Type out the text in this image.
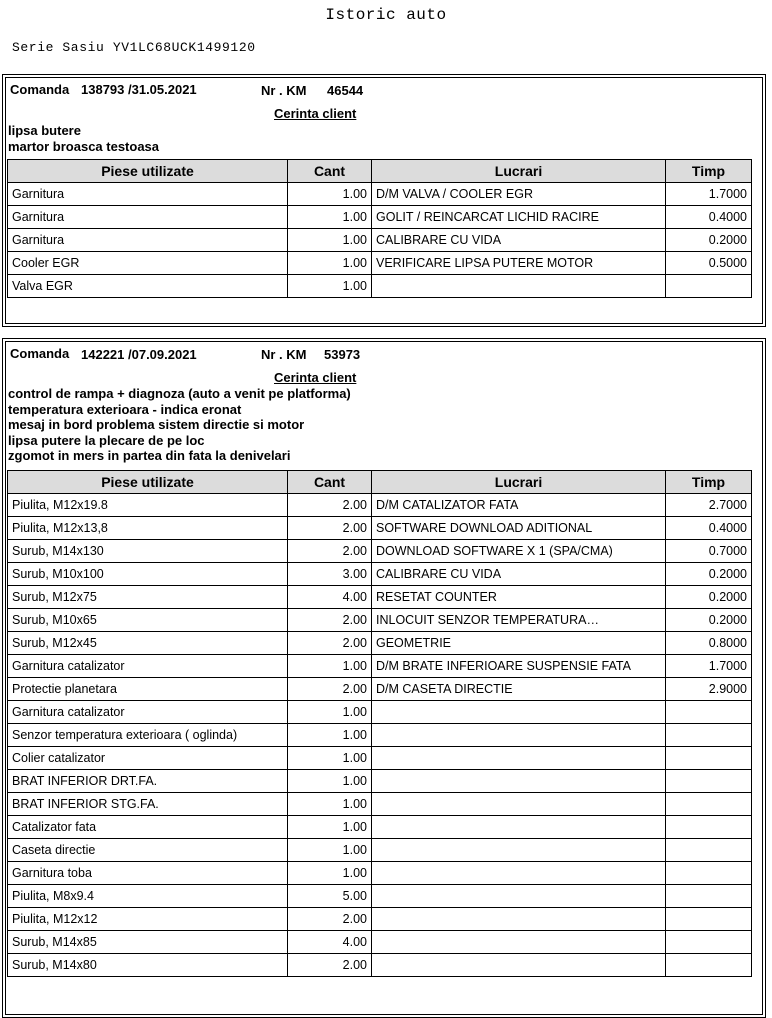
Istoric auto
Serie Sasiu YV1LC68UCK1499120
Comanda 138793 /31.05.2021	Nr . KM 46544
Cerinta client
lipsa butere
martor broasca testoasa
Piese utilizate	Cant	Lucrari	Timp
Garnitura	1.00	D/M VALVA / COOLER EGR	1.7000
Garnitura	1.00	GOLIT / REINCARCAT LICHID RACIRE	0.4000
Garnitura	1.00	CALIBRARE CU VIDA	0.2000
Cooler EGR	1.00	VERIFICARE LIPSA PUTERE MOTOR	0.5000
Valva EGR	1.00		
Comanda 142221 /07.09.2021	Nr . KM 53973
Cerinta client
control de rampa + diagnoza (auto a venit pe platforma)
temperatura exterioara - indica eronat
mesaj in bord problema sistem directie si motor
lipsa putere la plecare de pe loc
zgomot in mers in partea din fata la denivelari
Piese utilizate	Cant	Lucrari	Timp
Piulita, M12x19.8	2.00	D/M CATALIZATOR FATA	2.7000
Piulita, M12x13,8	2.00	SOFTWARE DOWNLOAD ADITIONAL	0.4000
Surub, M14x130	2.00	DOWNLOAD SOFTWARE X 1 (SPA/CMA)	0.7000
Surub, M10x100	3.00	CALIBRARE CU VIDA	0.2000
Surub, M12x75	4.00	RESETAT COUNTER	0.2000
Surub, M10x65	2.00	INLOCUIT SENZOR TEMPERATURA…	0.2000
Surub, M12x45	2.00	GEOMETRIE	0.8000
Garnitura catalizator	1.00	D/M BRATE INFERIOARE SUSPENSIE FATA	1.7000
Protectie planetara	2.00	D/M CASETA DIRECTIE	2.9000
Garnitura catalizator	1.00		
Senzor temperatura exterioara ( oglinda)	1.00		
Colier catalizator	1.00		
BRAT INFERIOR DRT.FA.	1.00		
BRAT INFERIOR STG.FA.	1.00		
Catalizator fata	1.00		
Caseta directie	1.00		
Garnitura toba	1.00		
Piulita, M8x9.4	5.00		
Piulita, M12x12	2.00		
Surub, M14x85	4.00		
Surub, M14x80	2.00		
